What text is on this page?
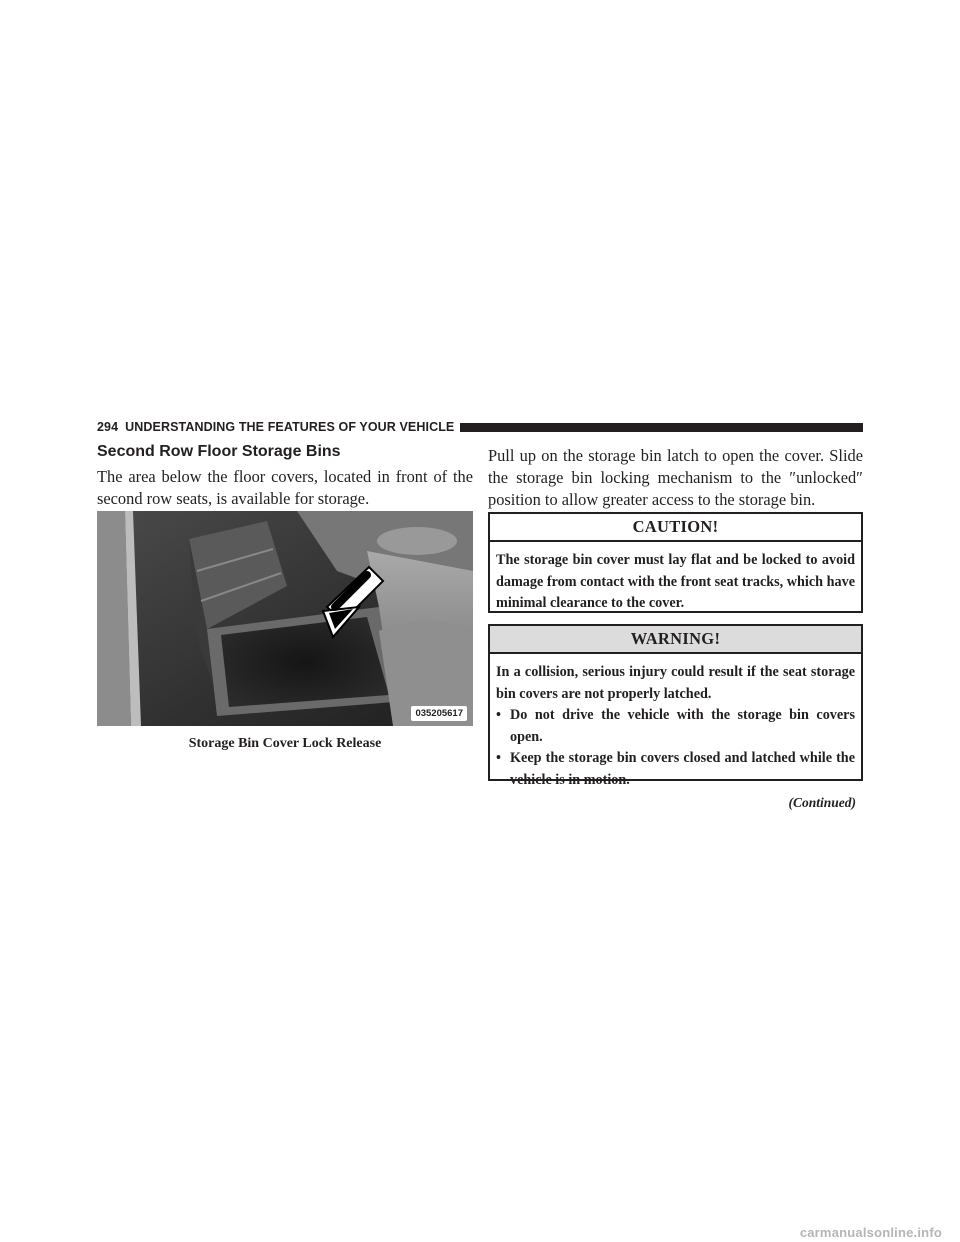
294 UNDERSTANDING THE FEATURES OF YOUR VEHICLE
Second Row Floor Storage Bins

The area below the floor covers, located in front of the second row seats, is available for storage.

035205617

Storage Bin Cover Lock Release

Pull up on the storage bin latch to open the cover. Slide the storage bin locking mechanism to the ″unlocked″ position to allow greater access to the storage bin.

CAUTION!

The storage bin cover must lay flat and be locked to avoid damage from contact with the front seat tracks, which have minimal clearance to the cover.

WARNING!

In a collision, serious injury could result if the seat storage bin covers are not properly latched.

• Do not drive the vehicle with the storage bin covers open.
• Keep the storage bin covers closed and latched while the vehicle is in motion.

(Continued)

carmanualsonline.info
